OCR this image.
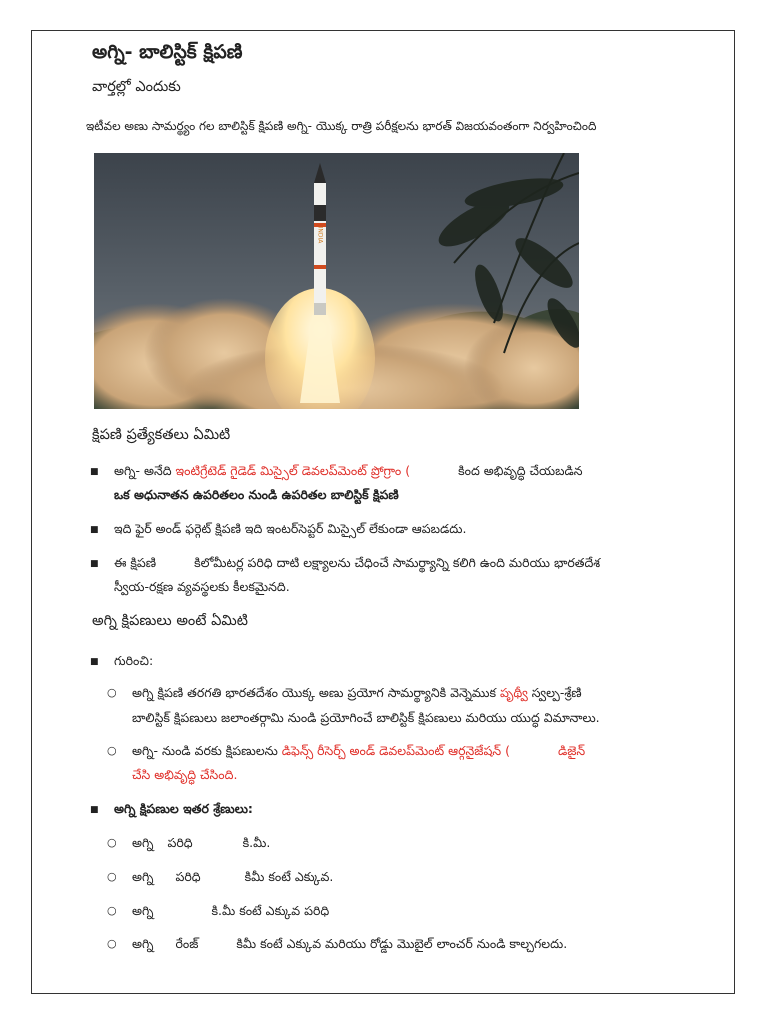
అగ్ని- బాలిస్టిక్ క్షిపణి
వార్తల్లో ఎందుకు
ఇటీవల అణు సామర్థ్యం గల బాలిస్టిక్ క్షిపణి అగ్ని- యొక్క రాత్రి పరీక్షలను భారత్ విజయవంతంగా నిర్వహించింది
INDIA
క్షిపణి ప్రత్యేకతలు ఏమిటి
■ అగ్ని- అనేది ఇంటిగ్రేటెడ్ గైడెడ్ మిస్సైల్ డెవలప్‌మెంట్ ప్రోగ్రాం (	కింద అభివృద్ధి చేయబడిన
ఒక అధునాతన ఉపరితలం నుండి ఉపరితల బాలిస్టిక్ క్షిపణి
■ ఇది ఫైర్ అండ్ ఫర్గెట్ క్షిపణి ఇది ఇంటర్‌సెప్టర్ మిస్సైల్ లేకుండా ఆపబడదు.
■ ఈ క్షిపణి	కిలోమీటర్ల పరిధి దాటి లక్ష్యాలను చేధించే సామర్థ్యాన్ని కలిగి ఉంది మరియు భారతదేశ
స్వీయ-రక్షణ వ్యవస్థలకు కీలకమైనది.
అగ్ని క్షిపణులు అంటే ఏమిటి
■ గురించి:
○ అగ్ని క్షిపణి తరగతి భారతదేశం యొక్క అణు ప్రయోగ సామర్థ్యానికి వెన్నెముక పృథ్వీ స్వల్ప-శ్రేణి
బాలిస్టిక్ క్షిపణులు జలాంతర్గామి నుండి ప్రయోగించే బాలిస్టిక్ క్షిపణులు మరియు యుద్ధ విమానాలు.
○ అగ్ని- నుండి వరకు క్షిపణులను డిఫెన్స్ రీసెర్చ్ అండ్ డెవలప్‌మెంట్ ఆర్గనైజేషన్ (	డిజైన్
చేసి అభివృద్ధి చేసింది.
■ అగ్ని క్షిపణుల ఇతర శ్రేణులు:
○ అగ్ని పరిధి	కి.మీ.
○ అగ్ని పరిధి	కిమీ కంటే ఎక్కువ.
○ అగ్ని	కి.మీ కంటే ఎక్కువ పరిధి
○ అగ్ని రేంజ్	కిమీ కంటే ఎక్కువ మరియు రోడ్డు మొబైల్ లాంచర్ నుండి కాల్చగలదు.
